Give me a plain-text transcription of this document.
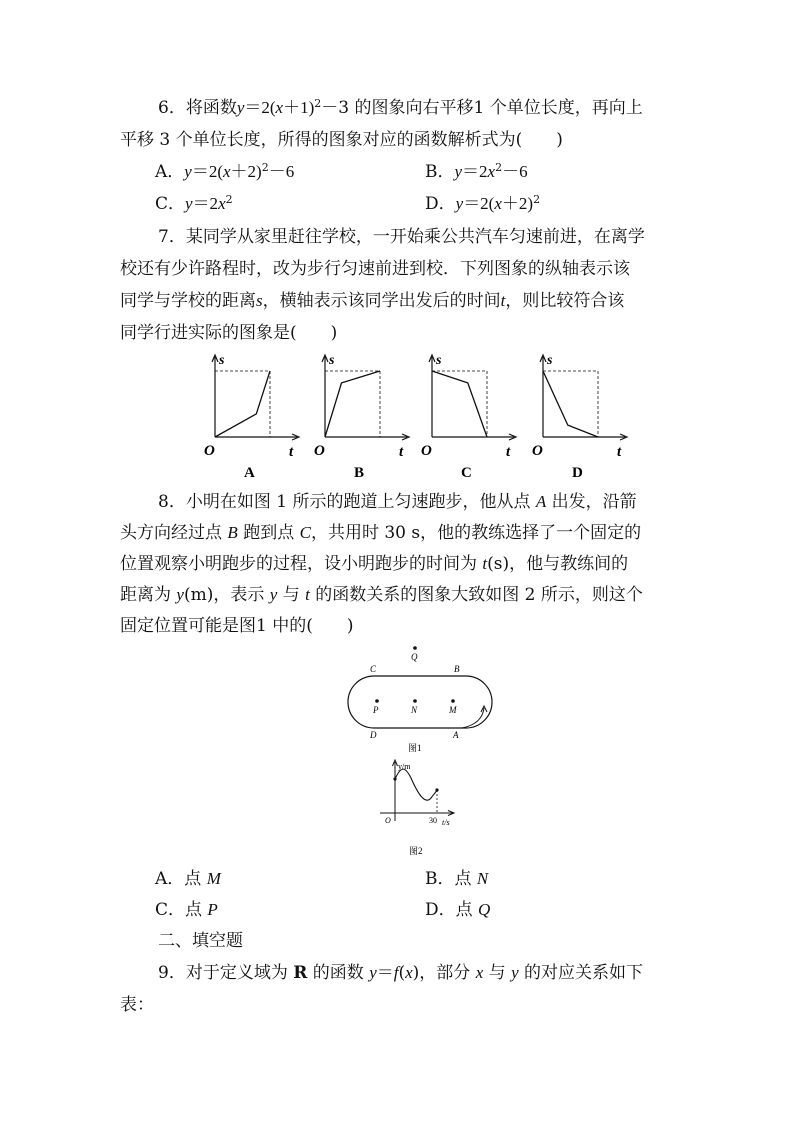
6．将函数$y=2(x+1)^2-3$ 的图象向右平移1 个单位长度，再向上
平移 3 个单位长度，所得的图象对应的函数解析式为(　　)
A．$y=2(x+2)^2-6$	B．$y=2x^2-6$
C．$y=2x^2$	D．$y=2(x+2)^2$
7．某同学从家里赶往学校，一开始乘公共汽车匀速前进，在离学
校还有少许路程时，改为步行匀速前进到校．下列图象的纵轴表示该
同学与学校的距离s，横轴表示该同学出发后的时间t，则比较符合该
同学行进实际的图象是(　　)
s
O	t
A
s
O	t
B
s
O	t
C
s
O	t
D
8．小明在如图 1 所示的跑道上匀速跑步，他从点 A 出发，沿箭
头方向经过点 B 跑到点 C，共用时 30 s，他的教练选择了一个固定的
位置观察小明跑步的过程，设小明跑步的时间为 t(s)，他与教练间的
距离为 y(m)，表示 y 与 t 的函数关系的图象大致如图 2 所示，则这个
固定位置可能是图1 中的(　　)
Q
C	B
P	N	M
D	A
图1
y/m
O	30 t/s
图2
A．点 M	B．点 N
C．点 P	D．点 Q
二、填空题
9．对于定义域为 R 的函数 y＝f(x)，部分 x 与 y 的对应关系如下
表：
